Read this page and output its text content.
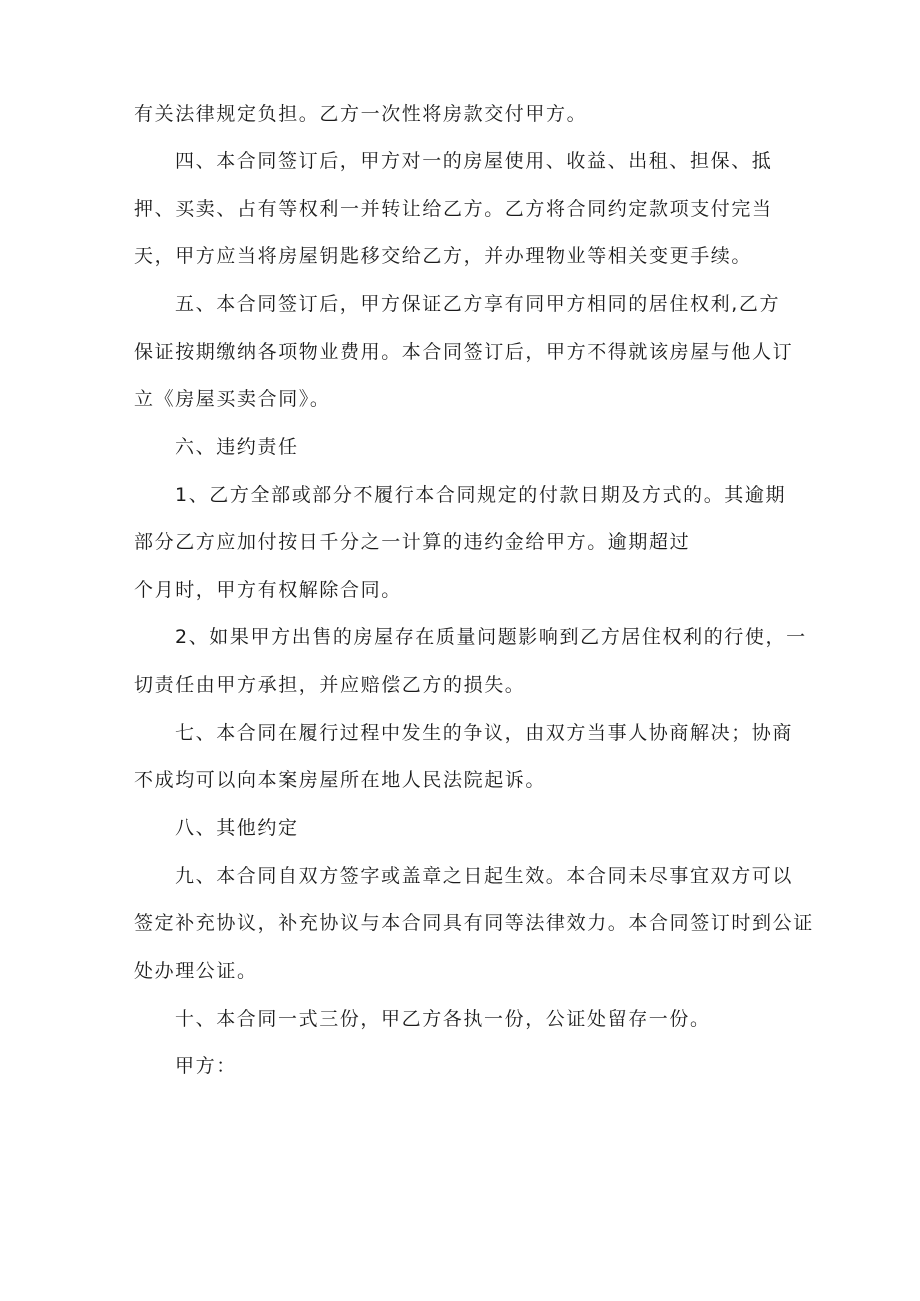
有关法律规定负担。乙方一次性将房款交付甲方。
四、本合同签订后，甲方对一的房屋使用、收益、出租、担保、抵
押、买卖、占有等权利一并转让给乙方。乙方将合同约定款项支付完当
天，甲方应当将房屋钥匙移交给乙方，并办理物业等相关变更手续。
五、本合同签订后，甲方保证乙方享有同甲方相同的居住权利,乙方
保证按期缴纳各项物业费用。本合同签订后，甲方不得就该房屋与他人订
立《房屋买卖合同》。
六、违约责任
1、乙方全部或部分不履行本合同规定的付款日期及方式的。其逾期
部分乙方应加付按日千分之一计算的违约金给甲方。逾期超过
个月时，甲方有权解除合同。
2、如果甲方出售的房屋存在质量问题影响到乙方居住权利的行使，一
切责任由甲方承担，并应赔偿乙方的损失。
七、本合同在履行过程中发生的争议，由双方当事人协商解决；协商
不成均可以向本案房屋所在地人民法院起诉。
八、其他约定
九、本合同自双方签字或盖章之日起生效。本合同未尽事宜双方可以
签定补充协议，补充协议与本合同具有同等法律效力。本合同签订时到公证
处办理公证。
十、本合同一式三份，甲乙方各执一份，公证处留存一份。
甲方：
